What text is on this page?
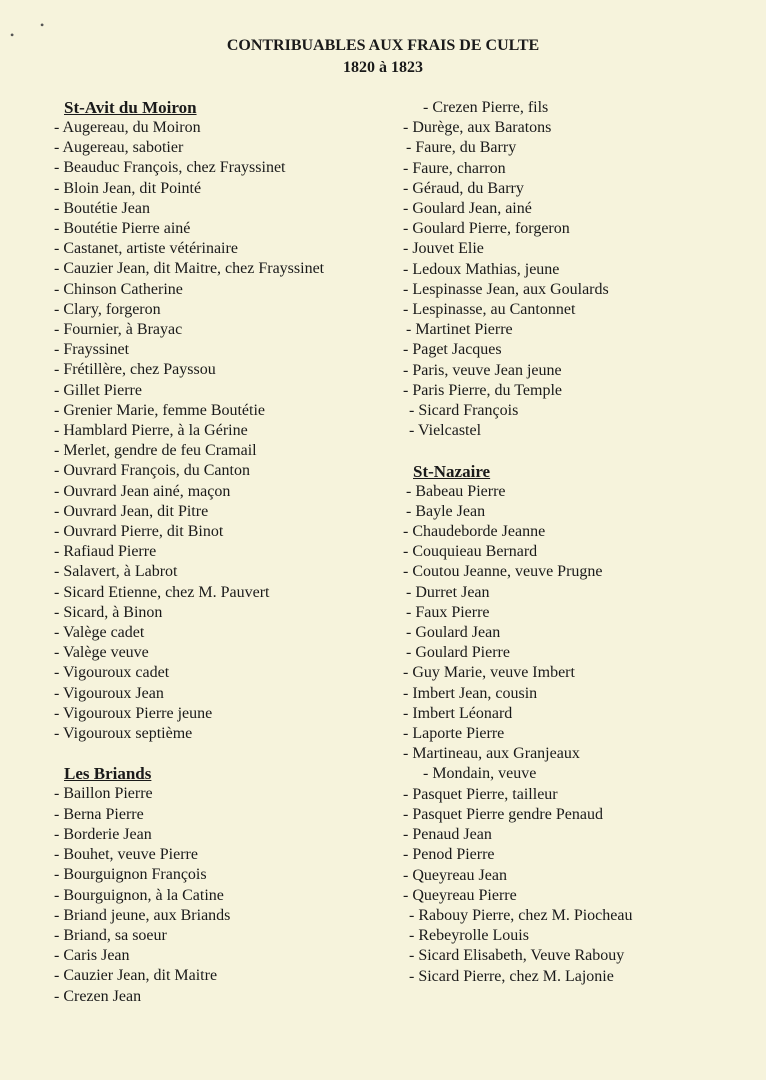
•
•
CONTRIBUABLES AUX FRAIS DE CULTE
1820 à 1823
St-Avit du Moiron
- Augereau, du Moiron
- Augereau, sabotier
- Beauduc François, chez Frayssinet
- Bloin Jean, dit Pointé
- Boutétie Jean
- Boutétie Pierre ainé
- Castanet, artiste vétérinaire
- Cauzier Jean, dit Maitre, chez Frayssinet
- Chinson Catherine
- Clary, forgeron
- Fournier, à Brayac
- Frayssinet
- Frétillère, chez Payssou
- Gillet Pierre
- Grenier Marie, femme Boutétie
- Hamblard Pierre, à la Gérine
- Merlet, gendre de feu Cramail
- Ouvrard François, du Canton
- Ouvrard Jean ainé, maçon
- Ouvrard Jean, dit Pitre
- Ouvrard Pierre, dit Binot
- Rafiaud Pierre
- Salavert, à Labrot
- Sicard Etienne, chez M. Pauvert
- Sicard, à Binon
- Valège cadet
- Valège veuve
- Vigouroux cadet
- Vigouroux Jean
- Vigouroux Pierre jeune
- Vigouroux septième
Les Briands
- Baillon Pierre
- Berna Pierre
- Borderie Jean
- Bouhet, veuve Pierre
- Bourguignon François
- Bourguignon, à la Catine
- Briand jeune, aux Briands
- Briand, sa soeur
- Caris Jean
- Cauzier Jean, dit Maitre
- Crezen Jean
- Crezen Pierre, fils
- Durège, aux Baratons
- Faure, du Barry
- Faure, charron
- Géraud, du Barry
- Goulard Jean, ainé
- Goulard Pierre, forgeron
- Jouvet Elie
- Ledoux Mathias, jeune
- Lespinasse Jean, aux Goulards
- Lespinasse, au Cantonnet
- Martinet Pierre
- Paget Jacques
- Paris, veuve Jean jeune
- Paris Pierre, du Temple
- Sicard François
- Vielcastel
St-Nazaire
- Babeau Pierre
- Bayle Jean
- Chaudeborde Jeanne
- Couquieau Bernard
- Coutou Jeanne, veuve Prugne
- Durret Jean
- Faux Pierre
- Goulard Jean
- Goulard Pierre
- Guy Marie, veuve Imbert
- Imbert Jean, cousin
- Imbert Léonard
- Laporte Pierre
- Martineau, aux Granjeaux
- Mondain, veuve
- Pasquet Pierre, tailleur
- Pasquet Pierre gendre Penaud
- Penaud Jean
- Penod Pierre
- Queyreau Jean
- Queyreau Pierre
- Rabouy Pierre, chez M. Piocheau
- Rebeyrolle Louis
- Sicard Elisabeth, Veuve Rabouy
- Sicard Pierre, chez M. Lajonie
